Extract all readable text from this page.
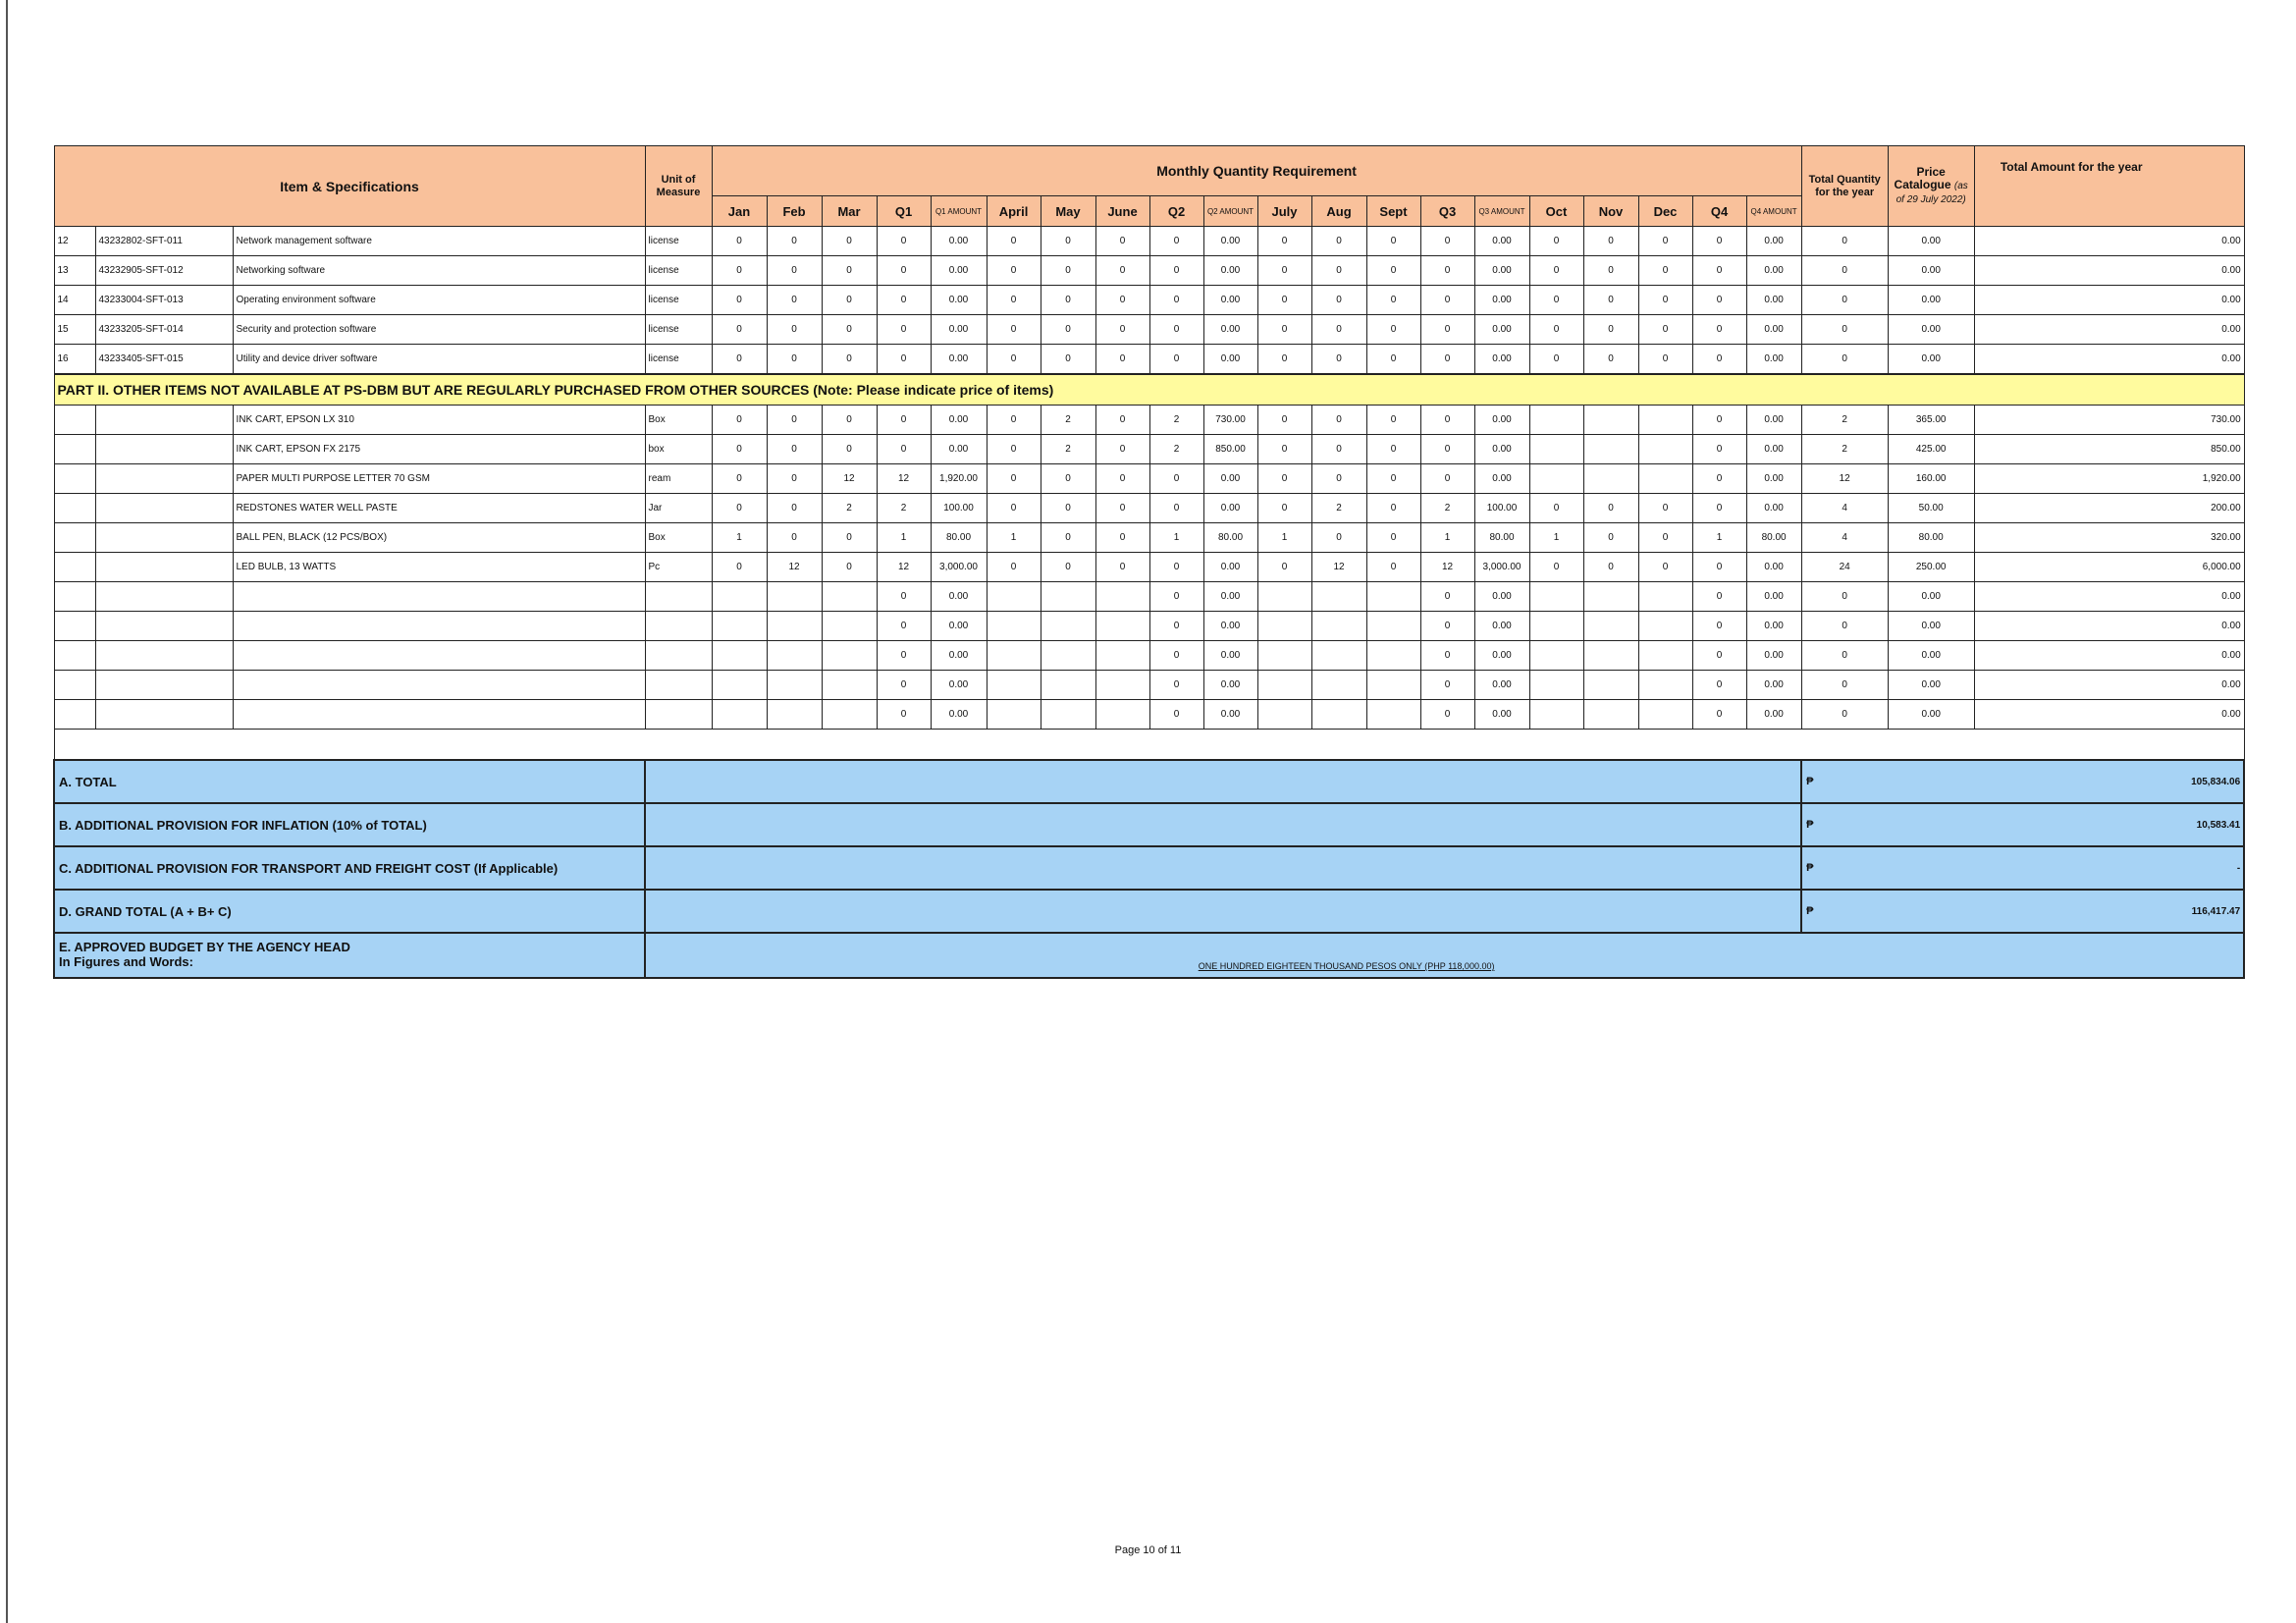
Item & Specifications			Unit of Measure	Monthly Quantity Requirement																				Total Quantity for the year	Price Catalogue (as of 29 July 2022)	Total Amount for the year
				Jan	Feb	Mar	Q1	Q1 AMOUNT	April	May	June	Q2	Q2 AMOUNT	July	Aug	Sept	Q3	Q3 AMOUNT	Oct	Nov	Dec	Q4	Q4 AMOUNT			
12	43232802-SFT-011	Network management software	license	0	0	0	0	0.00	0	0	0	0	0.00	0	0	0	0	0.00	0	0	0	0	0.00	0	0.00	0.00
13	43232905-SFT-012	Networking software	license	0	0	0	0	0.00	0	0	0	0	0.00	0	0	0	0	0.00	0	0	0	0	0.00	0	0.00	0.00
14	43233004-SFT-013	Operating environment software	license	0	0	0	0	0.00	0	0	0	0	0.00	0	0	0	0	0.00	0	0	0	0	0.00	0	0.00	0.00
15	43233205-SFT-014	Security and protection software	license	0	0	0	0	0.00	0	0	0	0	0.00	0	0	0	0	0.00	0	0	0	0	0.00	0	0.00	0.00
16	43233405-SFT-015	Utility and device driver software	license	0	0	0	0	0.00	0	0	0	0	0.00	0	0	0	0	0.00	0	0	0	0	0.00	0	0.00	0.00
PART II. OTHER ITEMS NOT AVAILABLE AT PS-DBM BUT ARE REGULARLY PURCHASED FROM OTHER SOURCES (Note: Please indicate price of items)																										
		INK CART, EPSON LX 310	Box	0	0	0	0	0.00	0	2	0	2	730.00	0	0	0	0	0.00				0	0.00	2	365.00	730.00
		INK CART, EPSON FX 2175	box	0	0	0	0	0.00	0	2	0	2	850.00	0	0	0	0	0.00				0	0.00	2	425.00	850.00
		PAPER MULTI PURPOSE LETTER 70 GSM	ream	0	0	12	12	1,920.00	0	0	0	0	0.00	0	0	0	0	0.00				0	0.00	12	160.00	1,920.00
		REDSTONES WATER WELL PASTE	Jar	0	0	2	2	100.00	0	0	0	0	0.00	0	2	0	2	100.00	0	0	0	0	0.00	4	50.00	200.00
		BALL PEN, BLACK (12 PCS/BOX)	Box	1	0	0	1	80.00	1	0	0	1	80.00	1	0	0	1	80.00	1	0	0	1	80.00	4	80.00	320.00
		LED BULB, 13 WATTS	Pc	0	12	0	12	3,000.00	0	0	0	0	0.00	0	12	0	12	3,000.00	0	0	0	0	0.00	24	250.00	6,000.00
							0	0.00				0	0.00				0	0.00				0	0.00	0	0.00	0.00
							0	0.00				0	0.00				0	0.00				0	0.00	0	0.00	0.00
							0	0.00				0	0.00				0	0.00				0	0.00	0	0.00	0.00
							0	0.00				0	0.00				0	0.00				0	0.00	0	0.00	0.00
							0	0.00				0	0.00				0	0.00				0	0.00	0	0.00	0.00

A. TOTAL																								₱	105,834.06	
B. ADDITIONAL PROVISION FOR INFLATION (10% of TOTAL)																								₱	10,583.41	
C. ADDITIONAL PROVISION FOR TRANSPORT AND FREIGHT COST (If Applicable)																								₱	-	
D. GRAND TOTAL (A + B+ C)																								₱	116,417.47	

E. APPROVED BUDGET BY THE AGENCY HEAD
In Figures and Words:			ONE HUNDRED EIGHTEEN THOUSAND PESOS ONLY (PHP 118,000.00)																							
Page 10 of 11
